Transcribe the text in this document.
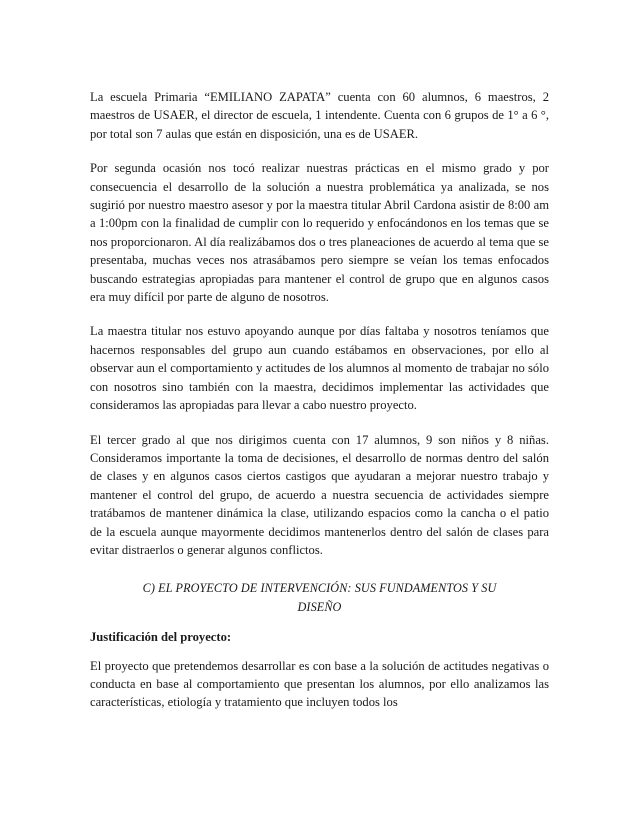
La escuela Primaria “EMILIANO ZAPATA” cuenta con 60 alumnos, 6 maestros, 2 maestros de USAER, el director de escuela, 1 intendente. Cuenta con 6 grupos de 1° a 6 °, por total son 7 aulas que están en disposición, una es de USAER.

Por segunda ocasión nos tocó realizar nuestras prácticas en el mismo grado y por consecuencia el desarrollo de la solución a nuestra problemática ya analizada, se nos sugirió por nuestro maestro asesor y por la maestra titular Abril Cardona asistir de 8:00 am a 1:00pm con la finalidad de cumplir con lo requerido y enfocándonos en los temas que se nos proporcionaron. Al día realizábamos dos o tres planeaciones de acuerdo al tema que se presentaba, muchas veces nos atrasábamos pero siempre se veían los temas enfocados buscando estrategias apropiadas para mantener el control de grupo que en algunos casos era muy difícil por parte de alguno de nosotros.

La maestra titular nos estuvo apoyando aunque por días faltaba y nosotros teníamos que hacernos responsables del grupo aun cuando estábamos en observaciones, por ello al observar aun el comportamiento y actitudes de los alumnos al momento de trabajar no sólo con nosotros sino también con la maestra, decidimos implementar las actividades que consideramos las apropiadas para llevar a cabo nuestro proyecto.

El tercer grado al que nos dirigimos cuenta con 17 alumnos, 9 son niños y 8 niñas. Consideramos importante la toma de decisiones, el desarrollo de normas dentro del salón de clases y en algunos casos ciertos castigos que ayudaran a mejorar nuestro trabajo y mantener el control del grupo, de acuerdo a nuestra secuencia de actividades siempre tratábamos de mantener dinámica la clase, utilizando espacios como la cancha o el patio de la escuela aunque mayormente decidimos mantenerlos dentro del salón de clases para evitar distraerlos o generar algunos conflictos.

C) EL PROYECTO DE INTERVENCIÓN: SUS FUNDAMENTOS Y SU DISEÑO

Justificación del proyecto:

El proyecto que pretendemos desarrollar es con base a la solución de actitudes negativas o conducta en base al comportamiento que presentan los alumnos, por ello analizamos las características, etiología y tratamiento que incluyen todos los
